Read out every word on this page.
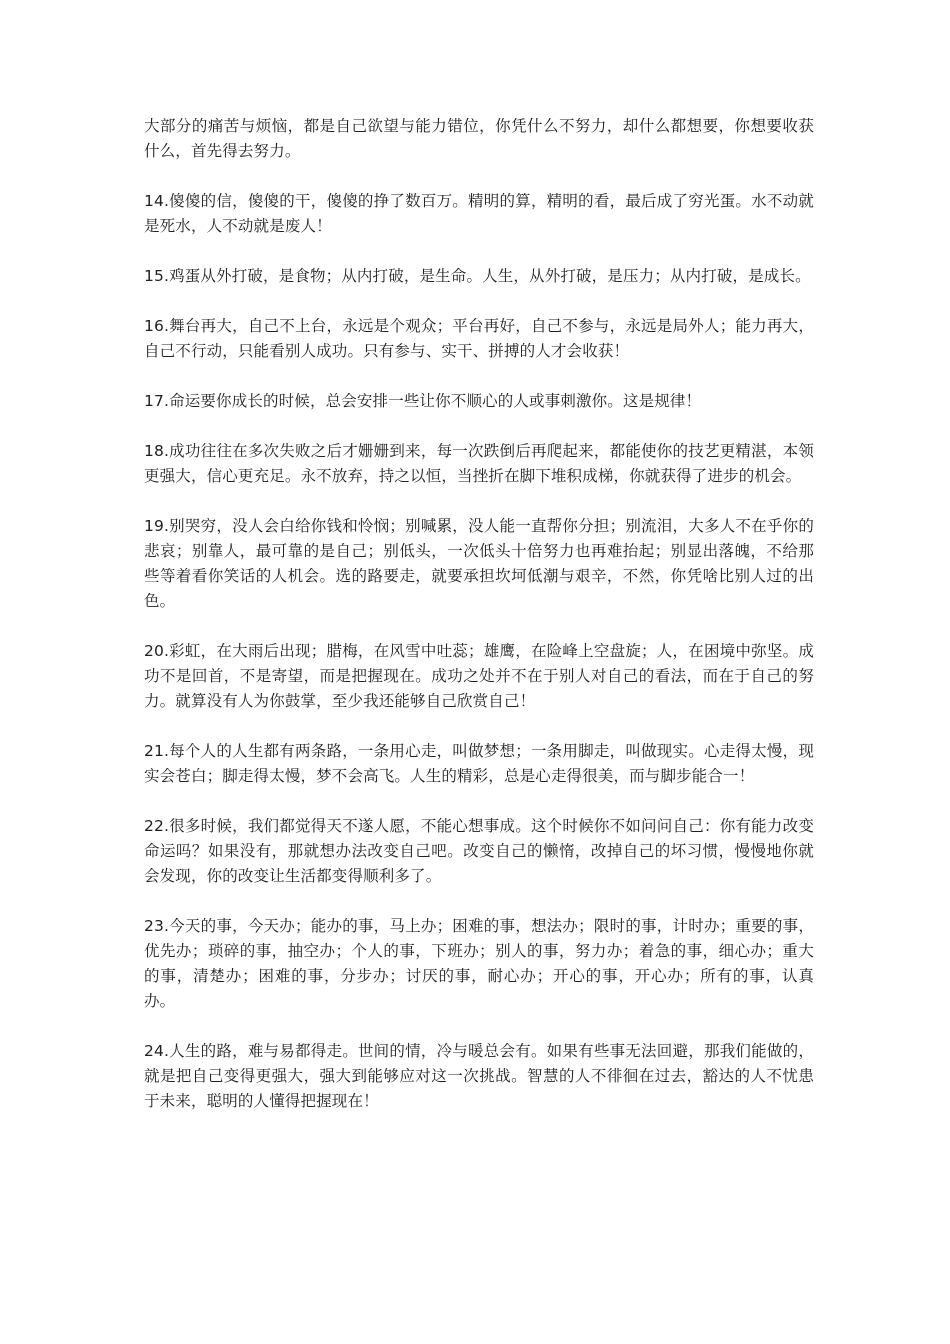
大部分的痛苦与烦恼，都是自己欲望与能力错位，你凭什么不努力，却什么都想要，你想要收获什么，首先得去努力。

14.傻傻的信，傻傻的干，傻傻的挣了数百万。精明的算，精明的看，最后成了穷光蛋。水不动就是死水，人不动就是废人！

15.鸡蛋从外打破，是食物；从内打破，是生命。人生，从外打破，是压力；从内打破，是成长。

16.舞台再大，自己不上台，永远是个观众；平台再好，自己不参与，永远是局外人；能力再大，自己不行动，只能看别人成功。只有参与、实干、拼搏的人才会收获！

17.命运要你成长的时候，总会安排一些让你不顺心的人或事刺激你。这是规律！

18.成功往往在多次失败之后才姗姗到来，每一次跌倒后再爬起来，都能使你的技艺更精湛，本领更强大，信心更充足。永不放弃，持之以恒，当挫折在脚下堆积成梯，你就获得了进步的机会。

19.别哭穷，没人会白给你钱和怜悯；别喊累，没人能一直帮你分担；别流泪，大多人不在乎你的悲哀；别靠人，最可靠的是自己；别低头，一次低头十倍努力也再难抬起；别显出落魄，不给那些等着看你笑话的人机会。选的路要走，就要承担坎坷低潮与艰辛，不然，你凭啥比别人过的出色。

20.彩虹，在大雨后出现；腊梅，在风雪中吐蕊；雄鹰，在险峰上空盘旋；人，在困境中弥坚。成功不是回首，不是寄望，而是把握现在。成功之处并不在于别人对自己的看法，而在于自己的努力。就算没有人为你鼓掌，至少我还能够自己欣赏自己！

21.每个人的人生都有两条路，一条用心走，叫做梦想；一条用脚走，叫做现实。心走得太慢，现实会苍白；脚走得太慢，梦不会高飞。人生的精彩，总是心走得很美，而与脚步能合一！

22.很多时候，我们都觉得天不遂人愿，不能心想事成。这个时候你不如问问自己：你有能力改变命运吗？如果没有，那就想办法改变自己吧。改变自己的懒惰，改掉自己的坏习惯，慢慢地你就会发现，你的改变让生活都变得顺利多了。

23.今天的事，今天办；能办的事，马上办；困难的事，想法办；限时的事，计时办；重要的事，优先办；琐碎的事，抽空办；个人的事，下班办；别人的事，努力办；着急的事，细心办；重大的事，清楚办；困难的事，分步办；讨厌的事，耐心办；开心的事，开心办；所有的事，认真办。

24.人生的路，难与易都得走。世间的情，冷与暖总会有。如果有些事无法回避，那我们能做的，就是把自己变得更强大，强大到能够应对这一次挑战。智慧的人不徘徊在过去，豁达的人不忧患于未来，聪明的人懂得把握现在！
